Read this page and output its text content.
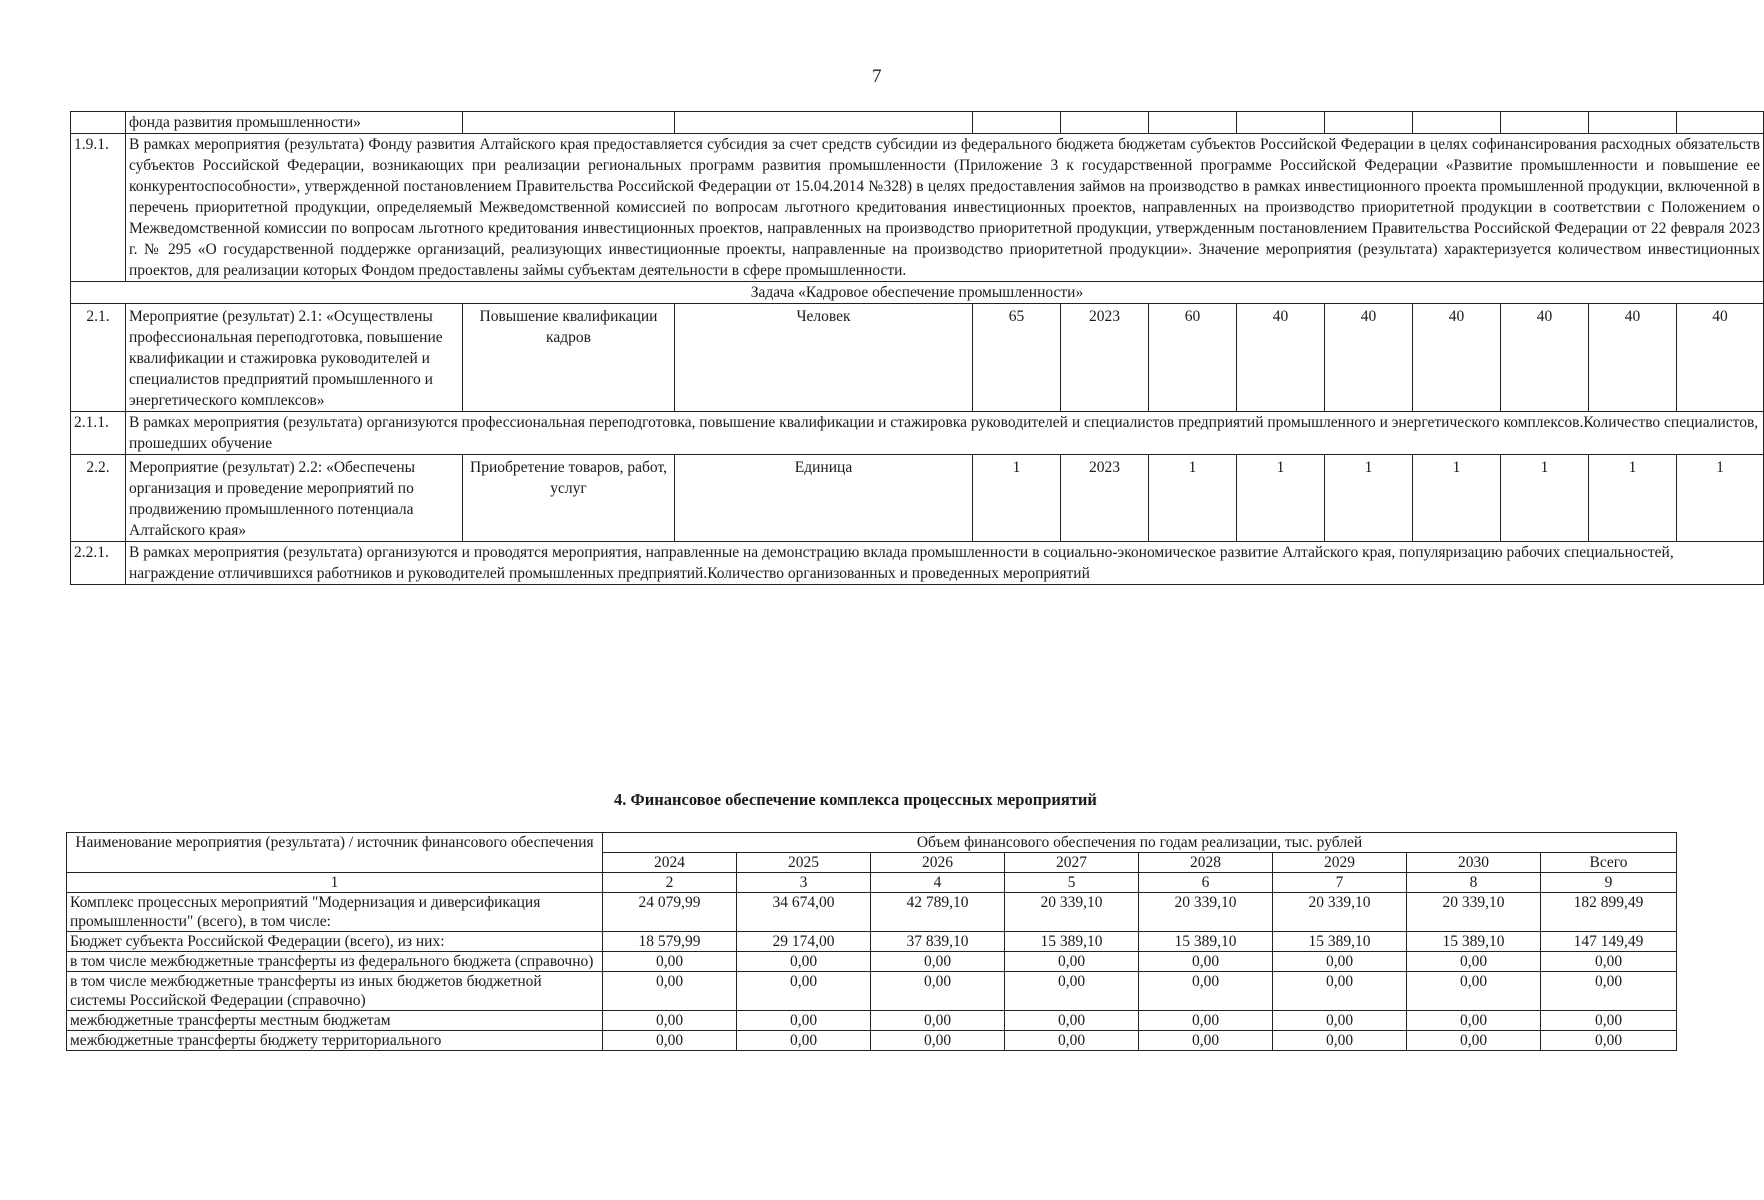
7
	фонда развития промышленности»											
1.9.1.	В рамках мероприятия (результата) Фонду развития Алтайского края предоставляется субсидия за счет средств субсидии из федерального бюджета бюджетам субъектов Российской Федерации в целях софинансирования расходных обязательств субъектов Российской Федерации, возникающих при реализации региональных программ развития промышленности (Приложение 3 к государственной программе Российской Федерации «Развитие промышленности и повышение ее конкурентоспособности», утвержденной постановлением Правительства Российской Федерации от 15.04.2014 №328) в целях предоставления займов на производство в рамках инвестиционного проекта промышленной продукции, включенной в перечень приоритетной продукции, определяемый Межведомственной комиссией по вопросам льготного кредитования инвестиционных проектов, направленных на производство приоритетной продукции в соответствии с Положением о Межведомственной комиссии по вопросам льготного кредитования инвестиционных проектов, направленных на производство приоритетной продукции, утвержденным постановлением Правительства Российской Федерации от 22 февраля 2023 г. № 295 «О государственной поддержке организаций, реализующих инвестиционные проекты, направленные на производство приоритетной продукции». Значение мероприятия (результата) характеризуется количеством инвестиционных проектов, для реализации которых Фондом предоставлены займы субъектам деятельности в сфере промышленности.											
Задача «Кадровое обеспечение промышленности»												
2.1.	Мероприятие (результат) 2.1: «Осуществлены профессиональная переподготовка, повышение квалификации и стажировка руководителей и специалистов предприятий промышленного и энергетического комплексов»	Повышение квалификации кадров	Человек	65	2023	60	40	40	40	40	40	40
2.1.1.	В рамках мероприятия (результата) организуются профессиональная переподготовка, повышение квалификации и стажировка руководителей и специалистов предприятий промышленного и энергетического комплексов.Количество специалистов, прошедших обучение											
2.2.	Мероприятие (результат) 2.2: «Обеспечены организация и проведение мероприятий по продвижению промышленного потенциала Алтайского края»	Приобретение товаров, работ, услуг	Единица	1	2023	1	1	1	1	1	1	1
2.2.1.	В рамках мероприятия (результата) организуются и проводятся мероприятия, направленные на демонстрацию вклада промышленности в социально-экономическое развитие Алтайского края, популяризацию рабочих специальностей, награждение отличившихся работников и руководителей промышленных предприятий.Количество организованных и проведенных мероприятий											
4. Финансовое обеспечение комплекса процессных мероприятий
Наименование мероприятия (результата) / источник финансового обеспечения	Объем финансового обеспечения по годам реализации, тыс. рублей							
	2024	2025	2026	2027	2028	2029	2030	Всего
1	2	3	4	5	6	7	8	9
Комплекс процессных мероприятий "Модернизация и диверсификация промышленности" (всего), в том числе:	24 079,99	34 674,00	42 789,10	20 339,10	20 339,10	20 339,10	20 339,10	182 899,49
Бюджет субъекта Российской Федерации (всего), из них:	18 579,99	29 174,00	37 839,10	15 389,10	15 389,10	15 389,10	15 389,10	147 149,49
в том числе межбюджетные трансферты из федерального бюджета (справочно)	0,00	0,00	0,00	0,00	0,00	0,00	0,00	0,00
в том числе межбюджетные трансферты из иных бюджетов бюджетной системы Российской Федерации (справочно)	0,00	0,00	0,00	0,00	0,00	0,00	0,00	0,00
межбюджетные трансферты местным бюджетам	0,00	0,00	0,00	0,00	0,00	0,00	0,00	0,00
межбюджетные трансферты бюджету территориального	0,00	0,00	0,00	0,00	0,00	0,00	0,00	0,00
